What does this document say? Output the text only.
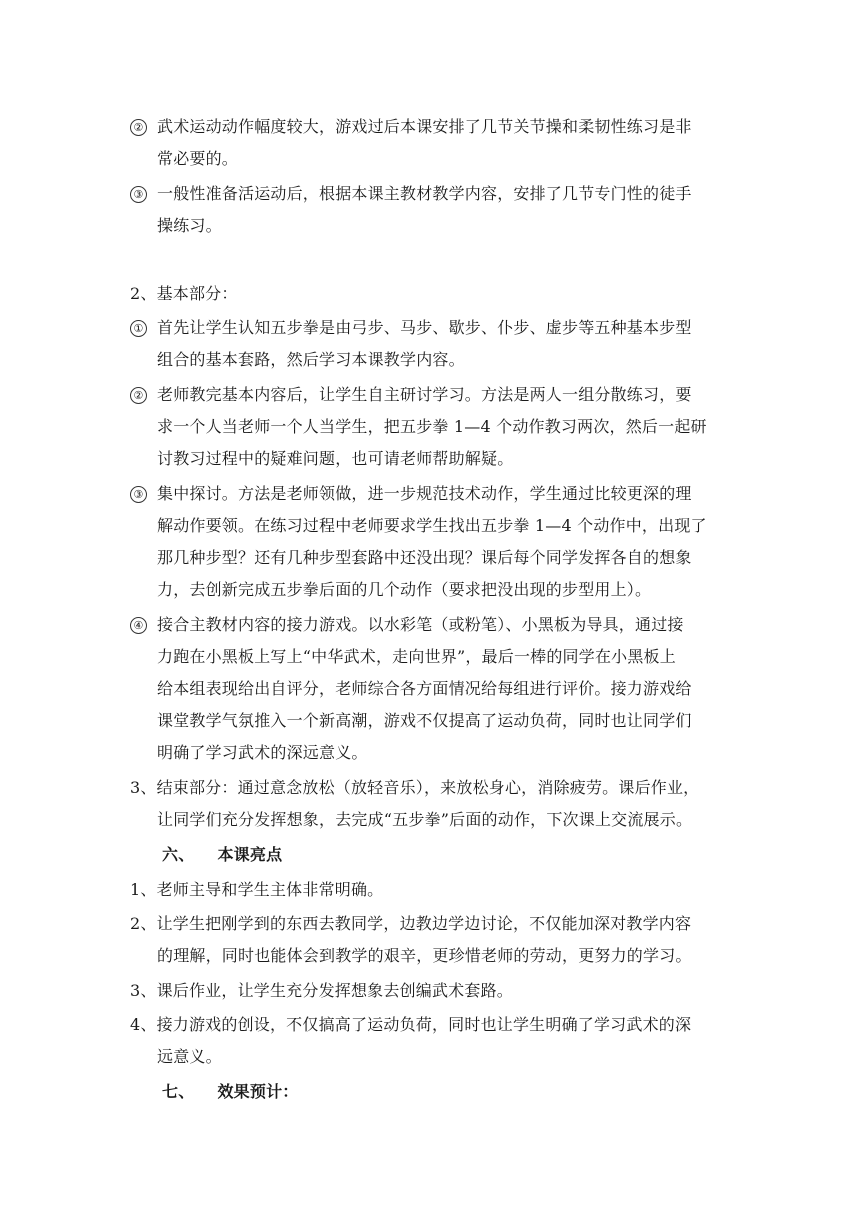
② 武术运动动作幅度较大，游戏过后本课安排了几节关节操和柔韧性练习是非
常必要的。
③ 一般性准备活运动后，根据本课主教材教学内容，安排了几节专门性的徒手
操练习。
2、基本部分：
① 首先让学生认知五步拳是由弓步、马步、歇步、仆步、虚步等五种基本步型
组合的基本套路，然后学习本课教学内容。
② 老师教完基本内容后，让学生自主研讨学习。方法是两人一组分散练习，要
求一个人当老师一个人当学生，把五步拳 1—4 个动作教习两次，然后一起研
讨教习过程中的疑难问题，也可请老师帮助解疑。
③ 集中探讨。方法是老师领做，进一步规范技术动作，学生通过比较更深的理
解动作要领。在练习过程中老师要求学生找出五步拳 1—4 个动作中，出现了
那几种步型？还有几种步型套路中还没出现？课后每个同学发挥各自的想象
力，去创新完成五步拳后面的几个动作（要求把没出现的步型用上）。
④ 接合主教材内容的接力游戏。以水彩笔（或粉笔）、小黑板为导具，通过接
力跑在小黑板上写上“中华武术，走向世界”，最后一棒的同学在小黑板上
给本组表现给出自评分，老师综合各方面情况给每组进行评价。接力游戏给
课堂教学气氛推入一个新高潮，游戏不仅提高了运动负荷，同时也让同学们
明确了学习武术的深远意义。
3、结束部分：通过意念放松（放轻音乐），来放松身心，消除疲劳。课后作业，
让同学们充分发挥想象，去完成“五步拳”后面的动作，下次课上交流展示。
六、    本课亮点
1、老师主导和学生主体非常明确。
2、让学生把刚学到的东西去教同学，边教边学边讨论，不仅能加深对教学内容
的理解，同时也能体会到教学的艰辛，更珍惜老师的劳动，更努力的学习。
3、课后作业，让学生充分发挥想象去创编武术套路。
4、接力游戏的创设，不仅搞高了运动负荷，同时也让学生明确了学习武术的深
远意义。
七、    效果预计：
